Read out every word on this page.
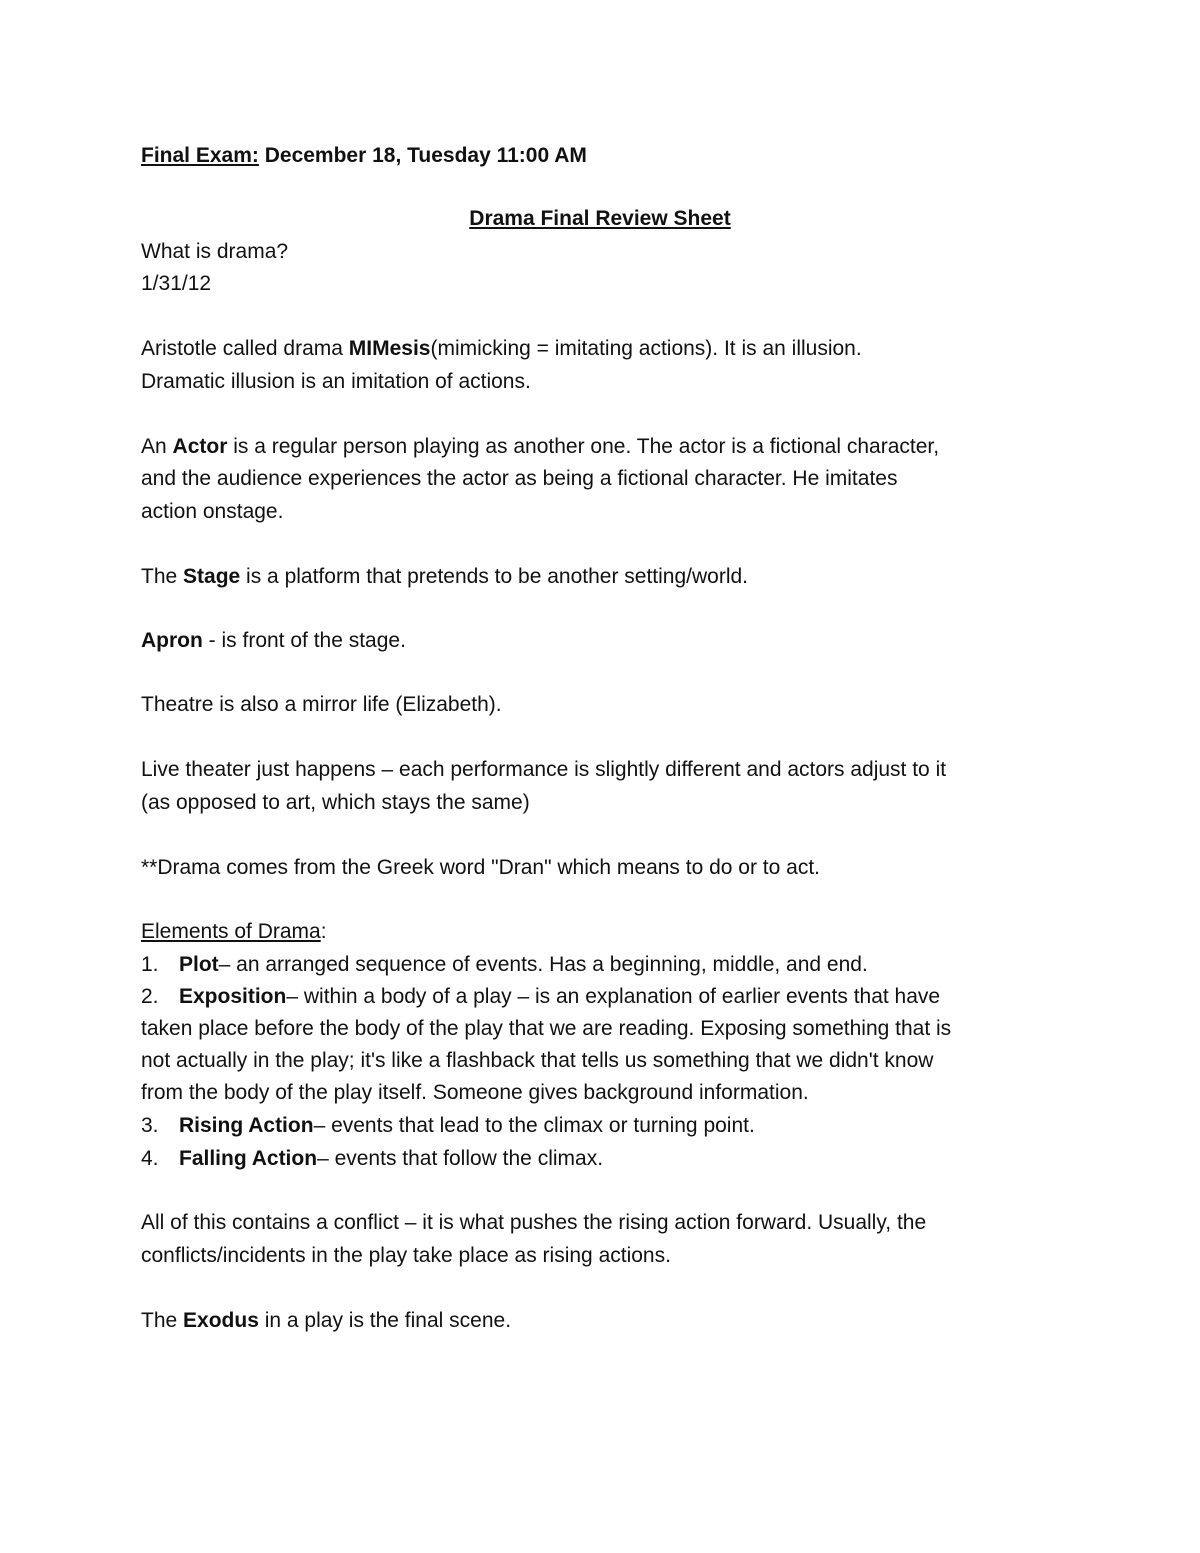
Final Exam: December 18, Tuesday 11:00 AM
Drama Final Review Sheet
What is drama?
1/31/12
Aristotle called drama MIMesis(mimicking = imitating actions). It is an illusion.
Dramatic illusion is an imitation of actions.
An Actor is a regular person playing as another one. The actor is a fictional character,
and the audience experiences the actor as being a fictional character. He imitates
action onstage.
The Stage is a platform that pretends to be another setting/world.
Apron - is front of the stage.
Theatre is also a mirror life (Elizabeth).
Live theater just happens – each performance is slightly different and actors adjust to it
(as opposed to art, which stays the same)
**Drama comes from the Greek word "Dran" which means to do or to act.
Elements of Drama:
1. Plot– an arranged sequence of events. Has a beginning, middle, and end.
2. Exposition– within a body of a play – is an explanation of earlier events that have
taken place before the body of the play that we are reading. Exposing something that is
not actually in the play; it's like a flashback that tells us something that we didn't know
from the body of the play itself. Someone gives background information.
3. Rising Action– events that lead to the climax or turning point.
4. Falling Action– events that follow the climax.
All of this contains a conflict – it is what pushes the rising action forward. Usually, the
conflicts/incidents in the play take place as rising actions.
The Exodus in a play is the final scene.
